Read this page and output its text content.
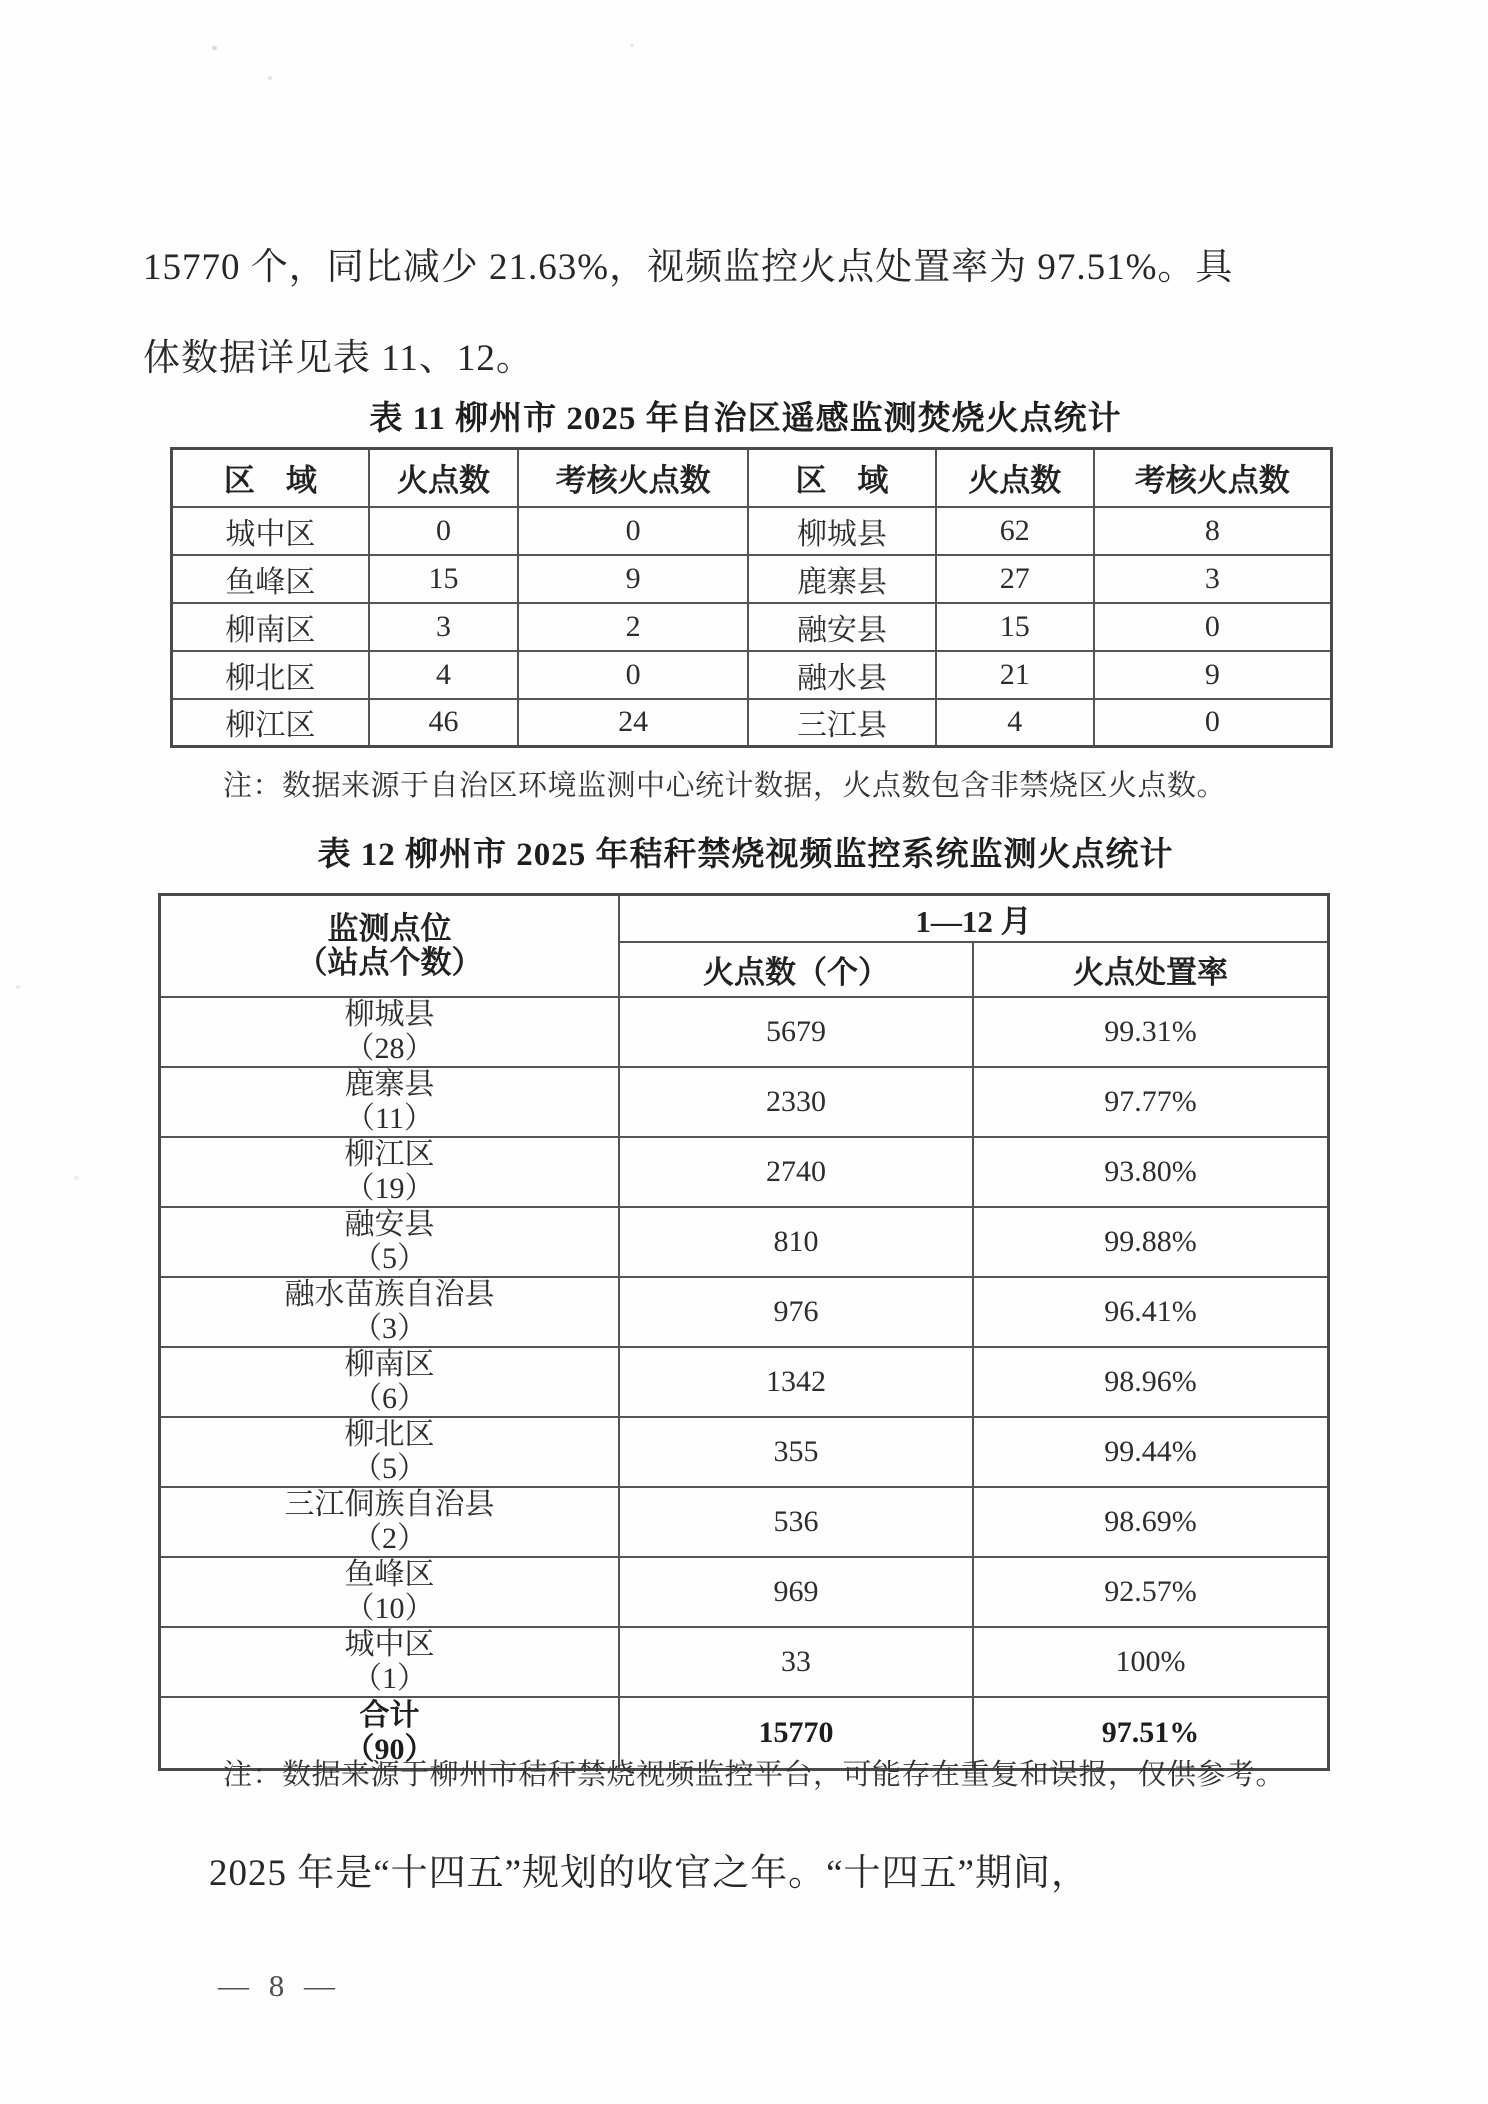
15770 个，同比减少 21.63%，视频监控火点处置率为 97.51%。具
体数据详见表 11、12。
表 11 柳州市 2025 年自治区遥感监测焚烧火点统计
区　域	火点数	考核火点数	区　域	火点数	考核火点数
城中区	0	0	柳城县	62	8
鱼峰区	15	9	鹿寨县	27	3
柳南区	3	2	融安县	15	0
柳北区	4	0	融水县	21	9
柳江区	46	24	三江县	4	0
注：数据来源于自治区环境监测中心统计数据，火点数包含非禁烧区火点数。
表 12 柳州市 2025 年秸秆禁烧视频监控系统监测火点统计
监测点位
（站点个数）	1—12 月	
	火点数（个）	火点处置率

柳城县
（28）	5679	99.31%

鹿寨县
（11）	2330	97.77%

柳江区
（19）	2740	93.80%

融安县
（5）	810	99.88%

融水苗族自治县
（3）	976	96.41%

柳南区
（6）	1342	98.96%

柳北区
（5）	355	99.44%

三江侗族自治县
（2）	536	98.69%

鱼峰区
（10）	969	92.57%

城中区
（1）	33	100%

合计
（90）	15770	97.51%
注：数据来源于柳州市秸秆禁烧视频监控平台，可能存在重复和误报，仅供参考。
2025 年是“十四五”规划的收官之年。“十四五”期间，
— 8 —
